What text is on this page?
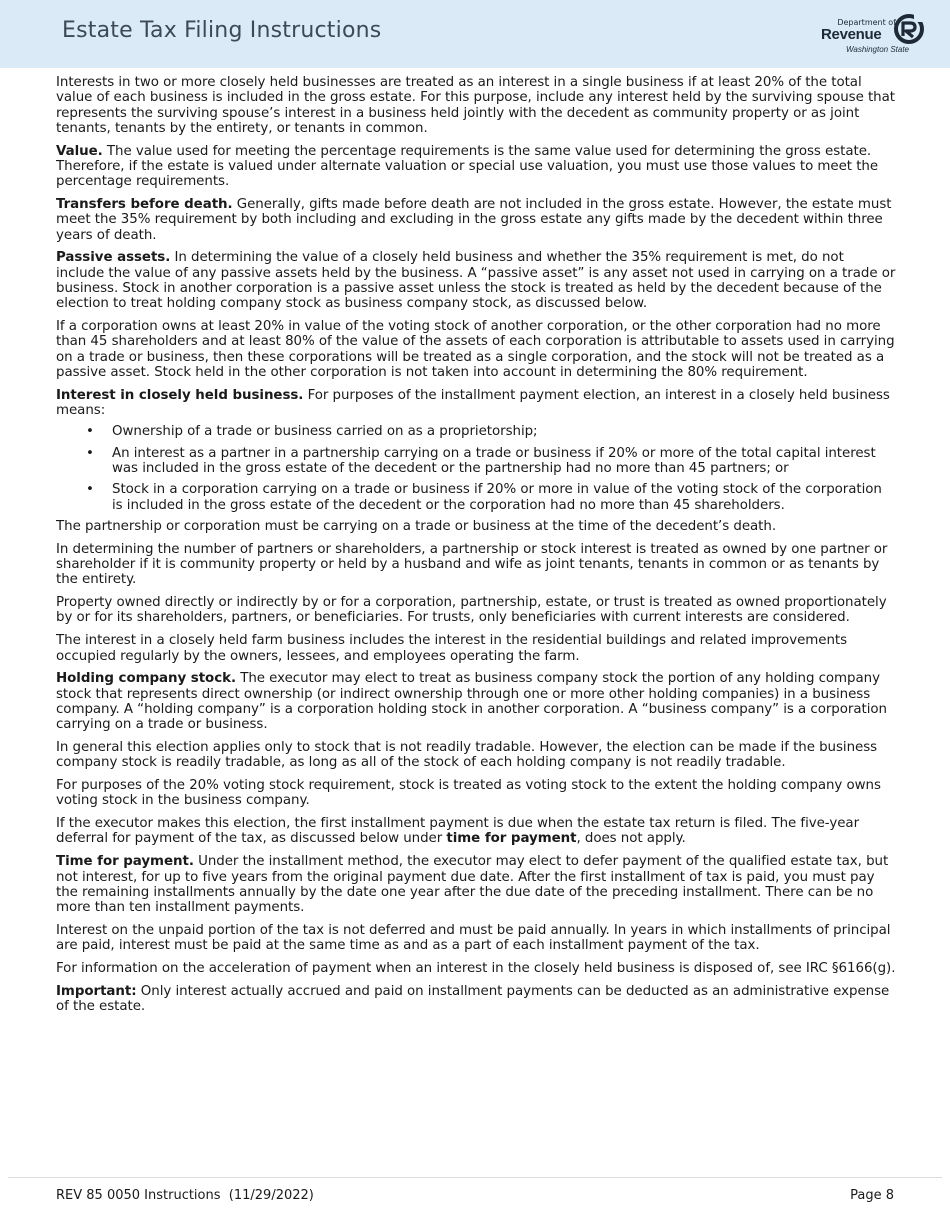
Estate Tax Filing Instructions	Department of
Revenue
Washington State

Interests in two or more closely held businesses are treated as an interest in a single business if at least 20% of the total value of each business is included in the gross estate. For this purpose, include any interest held by the surviving spouse that represents the surviving spouse’s interest in a business held jointly with the decedent as community property or as joint tenants, tenants by the entirety, or tenants in common.

Value. The value used for meeting the percentage requirements is the same value used for determining the gross estate. Therefore, if the estate is valued under alternate valuation or special use valuation, you must use those values to meet the percentage requirements.

Transfers before death. Generally, gifts made before death are not included in the gross estate. However, the estate must meet the 35% requirement by both including and excluding in the gross estate any gifts made by the decedent within three years of death.

Passive assets. In determining the value of a closely held business and whether the 35% requirement is met, do not include the value of any passive assets held by the business. A “passive asset” is any asset not used in carrying on a trade or business. Stock in another corporation is a passive asset unless the stock is treated as held by the decedent because of the election to treat holding company stock as business company stock, as discussed below.

If a corporation owns at least 20% in value of the voting stock of another corporation, or the other corporation had no more than 45 shareholders and at least 80% of the value of the assets of each corporation is attributable to assets used in carrying on a trade or business, then these corporations will be treated as a single corporation, and the stock will not be treated as a passive asset. Stock held in the other corporation is not taken into account in determining the 80% requirement.

Interest in closely held business. For purposes of the installment payment election, an interest in a closely held business means:

• Ownership of a trade or business carried on as a proprietorship;
• An interest as a partner in a partnership carrying on a trade or business if 20% or more of the total capital interest was included in the gross estate of the decedent or the partnership had no more than 45 partners; or
• Stock in a corporation carrying on a trade or business if 20% or more in value of the voting stock of the corporation is included in the gross estate of the decedent or the corporation had no more than 45 shareholders.

The partnership or corporation must be carrying on a trade or business at the time of the decedent’s death.

In determining the number of partners or shareholders, a partnership or stock interest is treated as owned by one partner or shareholder if it is community property or held by a husband and wife as joint tenants, tenants in common or as tenants by the entirety.

Property owned directly or indirectly by or for a corporation, partnership, estate, or trust is treated as owned proportionately by or for its shareholders, partners, or beneficiaries. For trusts, only beneficiaries with current interests are considered.

The interest in a closely held farm business includes the interest in the residential buildings and related improvements occupied regularly by the owners, lessees, and employees operating the farm.

Holding company stock. The executor may elect to treat as business company stock the portion of any holding company stock that represents direct ownership (or indirect ownership through one or more other holding companies) in a business company. A “holding company” is a corporation holding stock in another corporation. A “business company” is a corporation carrying on a trade or business.

In general this election applies only to stock that is not readily tradable. However, the election can be made if the business company stock is readily tradable, as long as all of the stock of each holding company is not readily tradable.

For purposes of the 20% voting stock requirement, stock is treated as voting stock to the extent the holding company owns voting stock in the business company.

If the executor makes this election, the first installment payment is due when the estate tax return is filed. The five-year deferral for payment of the tax, as discussed below under time for payment, does not apply.

Time for payment. Under the installment method, the executor may elect to defer payment of the qualified estate tax, but not interest, for up to five years from the original payment due date. After the first installment of tax is paid, you must pay the remaining installments annually by the date one year after the due date of the preceding installment. There can be no more than ten installment payments.

Interest on the unpaid portion of the tax is not deferred and must be paid annually. In years in which installments of principal are paid, interest must be paid at the same time as and as a part of each installment payment of the tax.

For information on the acceleration of payment when an interest in the closely held business is disposed of, see IRC §6166(g).

Important: Only interest actually accrued and paid on installment payments can be deducted as an administrative expense of the estate.

REV 85 0050 Instructions  (11/29/2022)	Page 8
